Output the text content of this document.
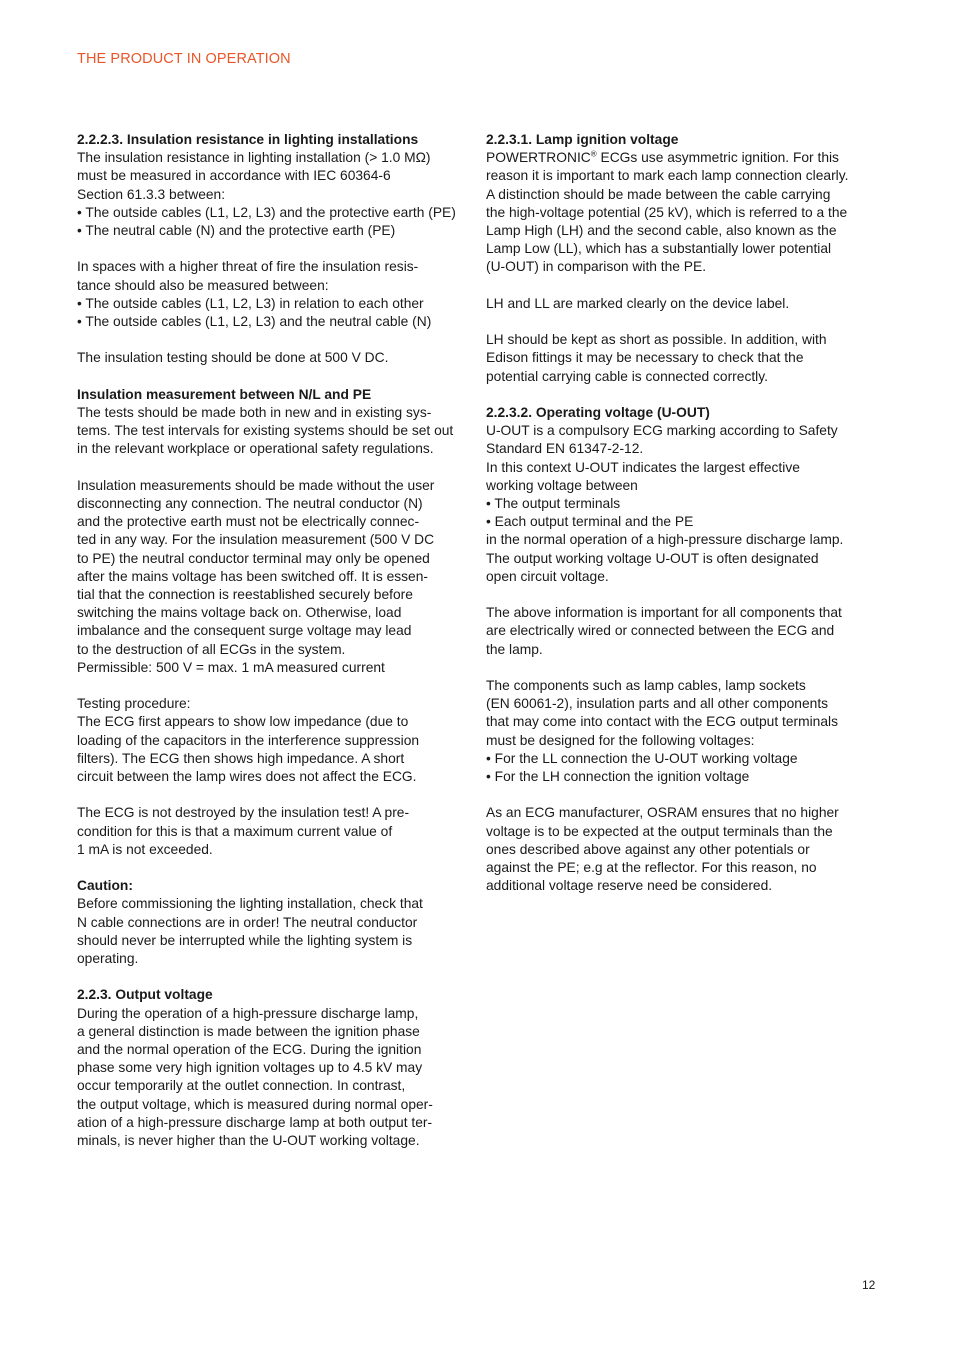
THE PRODUCT IN OPERATION

2.2.2.3. Insulation resistance in lighting installations

The insulation resistance in lighting installation (> 1.0 MΩ)
must be measured in accordance with IEC 60364-6
Section 61.3.3 between:
• The outside cables (L1, L2, L3) and the protective earth (PE)
• The neutral cable (N) and the protective earth (PE)
In spaces with a higher threat of fire the insulation resis-
tance should also be measured between:
• The outside cables (L1, L2, L3) in relation to each other
• The outside cables (L1, L2, L3) and the neutral cable (N)

The insulation testing should be done at 500 V DC.

Insulation measurement between N/L and PE

The tests should be made both in new and in existing sys-
tems. The test intervals for existing systems should be set out
in the relevant workplace or operational safety regulations.
Insulation measurements should be made without the user
disconnecting any connection. The neutral conductor (N)
and the protective earth must not be electrically connec-
ted in any way. For the insulation measurement (500 V DC
to PE) the neutral conductor terminal may only be opened
after the mains voltage has been switched off. It is essen-
tial that the connection is reestablished securely before
switching the mains voltage back on. Otherwise, load
imbalance and the consequent surge voltage may lead
to the destruction of all ECGs in the system.
Permissible: 500 V = max. 1 mA measured current
Testing procedure:
The ECG first appears to show low impedance (due to
loading of the capacitors in the interference suppression
filters). The ECG then shows high impedance. A short
circuit between the lamp wires does not affect the ECG.
The ECG is not destroyed by the insulation test! A pre-
condition for this is that a maximum current value of
1 mA is not exceeded.

Caution:

Before commissioning the lighting installation, check that
N cable connections are in order! The neutral conductor
should never be interrupted while the lighting system is
operating.

2.2.3. Output voltage

During the operation of a high-pressure discharge lamp,
a general distinction is made between the ignition phase
and the normal operation of the ECG. During the ignition
phase some very high ignition voltages up to 4.5 kV may
occur temporarily at the outlet connection. In contrast,
the output voltage, which is measured during normal oper-
ation of a high-pressure discharge lamp at both output ter-
minals, is never higher than the U-OUT working voltage.

2.2.3.1. Lamp ignition voltage

POWERTRONIC® ECGs use asymmetric ignition. For this

reason it is important to mark each lamp connection clearly.
A distinction should be made between the cable carrying
the high-voltage potential (25 kV), which is referred to a the
Lamp High (LH) and the second cable, also known as the
Lamp Low (LL), which has a substantially lower potential
(U-OUT) in comparison with the PE.

LH and LL are marked clearly on the device label.

LH should be kept as short as possible. In addition, with
Edison fittings it may be necessary to check that the
potential carrying cable is connected correctly.

2.2.3.2. Operating voltage (U-OUT)

U-OUT is a compulsory ECG marking according to Safety
Standard EN 61347-2-12.
In this context U-OUT indicates the largest effective
working voltage between
• The output terminals
• Each output terminal and the PE
in the normal operation of a high-pressure discharge lamp.
The output working voltage U-OUT is often designated
open circuit voltage.
The above information is important for all components that
are electrically wired or connected between the ECG and
the lamp.
The components such as lamp cables, lamp sockets
(EN 60061-2), insulation parts and all other components
that may come into contact with the ECG output terminals
must be designed for the following voltages:
• For the LL connection the U-OUT working voltage
• For the LH connection the ignition voltage
As an ECG manufacturer, OSRAM ensures that no higher
voltage is to be expected at the output terminals than the
ones described above against any other potentials or
against the PE; e.g at the reflector. For this reason, no
additional voltage reserve need be considered.
12
